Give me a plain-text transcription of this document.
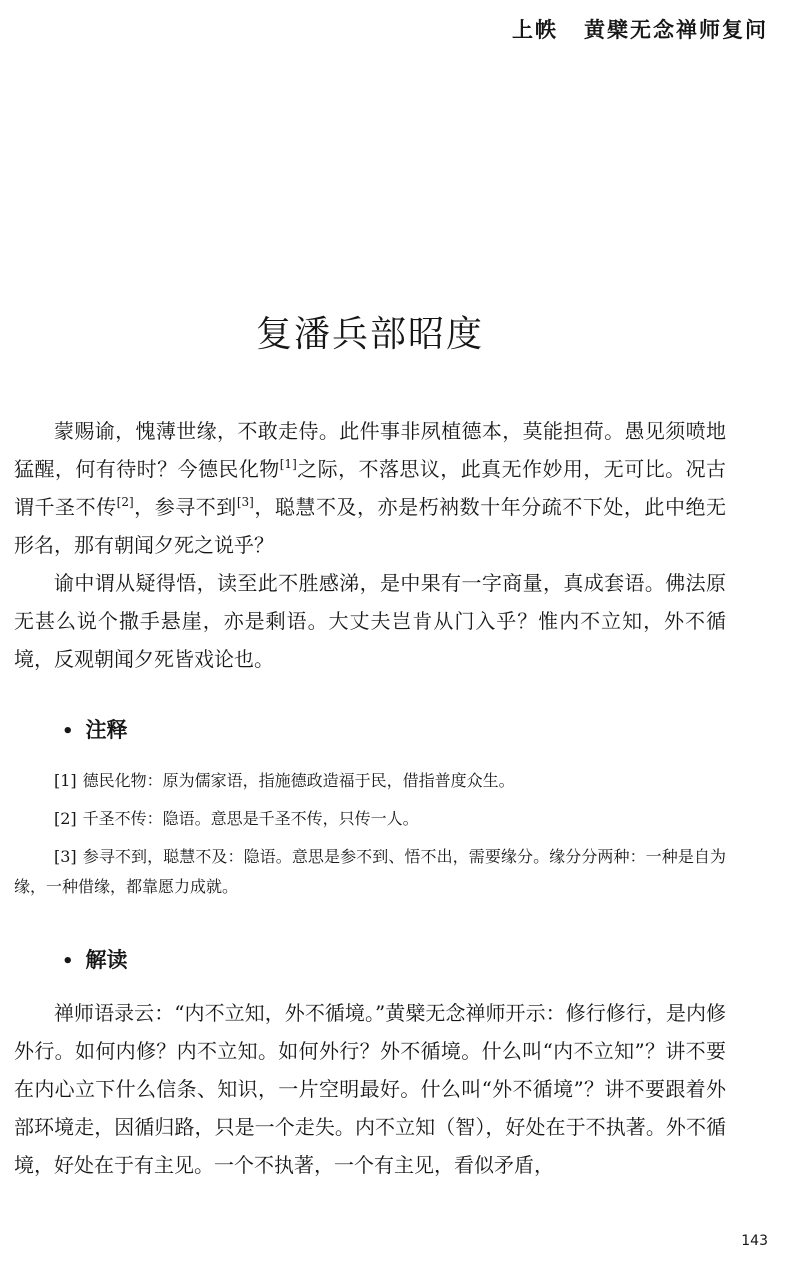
上帙 黄檗无念禅师复问
复潘兵部昭度

蒙赐谕，愧薄世缘，不敢走侍。此件事非夙植德本，莫能担荷。愚见须喷地猛醒，何有待时？今德民化物[1]之际，不落思议，此真无作妙用，无可比。况古谓千圣不传[2]，参寻不到[3]，聪慧不及，亦是朽衲数十年分疏不下处，此中绝无形名，那有朝闻夕死之说乎？

谕中谓从疑得悟，读至此不胜感涕，是中果有一字商量，真成套语。佛法原无甚么说个撒手悬崖，亦是剩语。大丈夫岂肯从门入乎？惟内不立知，外不循境，反观朝闻夕死皆戏论也。

• 注释

[1] 德民化物：原为儒家语，指施德政造福于民，借指普度众生。

[2] 千圣不传：隐语。意思是千圣不传，只传一人。

[3] 参寻不到，聪慧不及：隐语。意思是参不到、悟不出，需要缘分。缘分分两种：一种是自为缘，一种借缘，都靠愿力成就。

• 解读

禅师语录云：“内不立知，外不循境。”黄檗无念禅师开示：修行修行，是内修外行。如何内修？内不立知。如何外行？外不循境。什么叫“内不立知”？讲不要在内心立下什么信条、知识，一片空明最好。什么叫“外不循境”？讲不要跟着外部环境走，因循归路，只是一个走失。内不立知（智），好处在于不执著。外不循境，好处在于有主见。一个不执著，一个有主见，看似矛盾，

143
